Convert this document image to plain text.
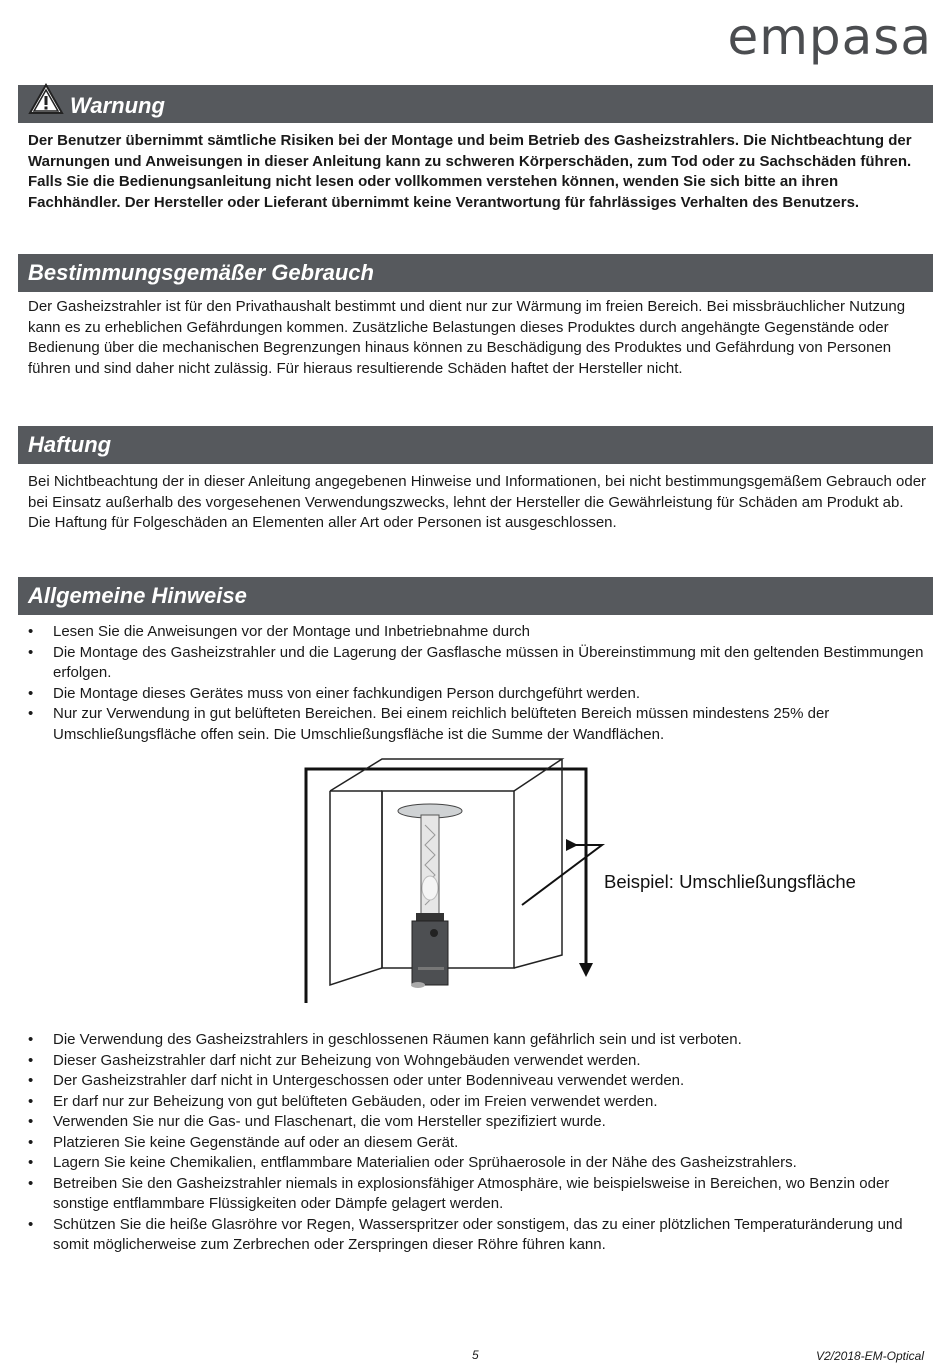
empasa
Warnung

Der Benutzer übernimmt sämtliche Risiken bei der Montage und beim Betrieb des Gasheizstrahlers. Die Nichtbeachtung der Warnungen und Anweisungen in dieser Anleitung kann zu schweren Körperschäden, zum Tod oder zu Sachschäden führen. Falls Sie die Bedienungsanleitung nicht lesen oder vollkommen verstehen können, wenden Sie sich bitte an ihren Fachhändler. Der Hersteller oder Lieferant übernimmt keine Verantwortung für fahrlässiges Verhalten des Benutzers.

Bestimmungsgemäßer Gebrauch

Der Gasheizstrahler ist für den Privathaushalt bestimmt und dient nur zur Wärmung im freien Bereich. Bei missbräuchlicher Nutzung kann es zu erheblichen Gefährdungen kommen. Zusätzliche Belastungen dieses Produktes durch angehängte Gegenstände oder Bedienung über die mechanischen Begrenzungen hinaus können zu Beschädigung des Produktes und Gefährdung von Personen führen und sind daher nicht zulässig. Für hieraus resultierende Schäden haftet der Hersteller nicht.

Haftung

Bei Nichtbeachtung der in dieser Anleitung angegebenen Hinweise und Informationen, bei nicht bestimmungsgemäßem Gebrauch oder bei Einsatz außerhalb des vorgesehenen Verwendungszwecks, lehnt der Hersteller die Gewährleistung für Schäden am Produkt ab. Die Haftung für Folgeschäden an Elementen aller Art oder Personen ist ausgeschlossen.

Allgemeine Hinweise
• Lesen Sie die Anweisungen vor der Montage und Inbetriebnahme durch
• Die Montage des Gasheizstrahler und die Lagerung der Gasflasche müssen in Übereinstimmung mit den geltenden Bestimmungen erfolgen.
• Die Montage dieses Gerätes muss von einer fachkundigen Person durchgeführt werden.
• Nur zur Verwendung in gut belüfteten Bereichen. Bei einem reichlich belüfteten Bereich müssen mindestens 25% der Umschließungsfläche offen sein. Die Umschließungsfläche ist die Summe der Wandflächen.
Beispiel: Umschließungsfläche
• Die Verwendung des Gasheizstrahlers in geschlossenen Räumen kann gefährlich sein und ist verboten.
• Dieser Gasheizstrahler darf nicht zur Beheizung von Wohngebäuden verwendet werden.
• Der Gasheizstrahler darf nicht in Untergeschossen oder unter Bodenniveau verwendet werden.
• Er darf nur zur Beheizung von gut belüfteten Gebäuden, oder im Freien verwendet werden.
• Verwenden Sie nur die Gas- und Flaschenart, die vom Hersteller spezifiziert wurde.
• Platzieren Sie keine Gegenstände auf oder an diesem Gerät.
• Lagern Sie keine Chemikalien, entflammbare Materialien oder Sprühaerosole in der Nähe des Gasheizstrahlers.
• Betreiben Sie den Gasheizstrahler niemals in explosionsfähiger Atmosphäre, wie beispielsweise in Bereichen, wo Benzin oder sonstige entflammbare Flüssigkeiten oder Dämpfe gelagert werden.
• Schützen Sie die heiße Glasröhre vor Regen, Wasserspritzer oder sonstigem, das zu einer plötzlichen Temperaturänderung und somit möglicherweise zum Zerbrechen oder Zerspringen dieser Röhre führen kann.
5	V2/2018-EM-Optical
